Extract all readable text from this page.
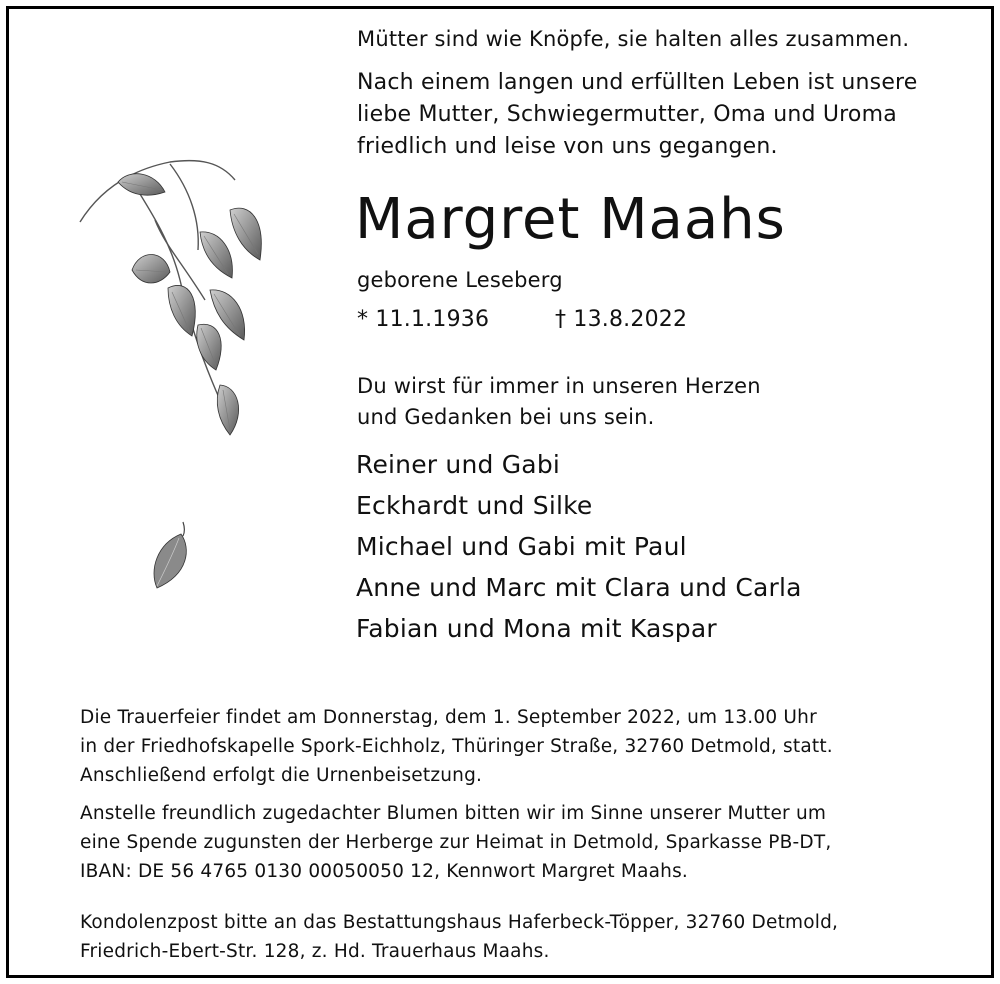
Mütter sind wie Knöpfe, sie halten alles zusammen.
Nach einem langen und erfüllten Leben ist unsere
liebe Mutter, Schwiegermutter, Oma und Uroma
friedlich und leise von uns gegangen.
Margret Maahs
geborene Leseberg
* 11.1.1936	† 13.8.2022
Du wirst für immer in unseren Herzen
und Gedanken bei uns sein.
Reiner und Gabi
Eckhardt und Silke
Michael und Gabi mit Paul
Anne und Marc mit Clara und Carla
Fabian und Mona mit Kaspar
Die Trauerfeier findet am Donnerstag, dem 1. September 2022, um 13.00 Uhr
in der Friedhofskapelle Spork-Eichholz, Thüringer Straße, 32760 Detmold, statt.
Anschließend erfolgt die Urnenbeisetzung.
Anstelle freundlich zugedachter Blumen bitten wir im Sinne unserer Mutter um
eine Spende zugunsten der Herberge zur Heimat in Detmold, Sparkasse PB-DT,
IBAN: DE 56 4765 0130 00050050 12, Kennwort Margret Maahs.
Kondolenzpost bitte an das Bestattungshaus Haferbeck-Töpper, 32760 Detmold,
Friedrich-Ebert-Str. 128, z. Hd. Trauerhaus Maahs.
